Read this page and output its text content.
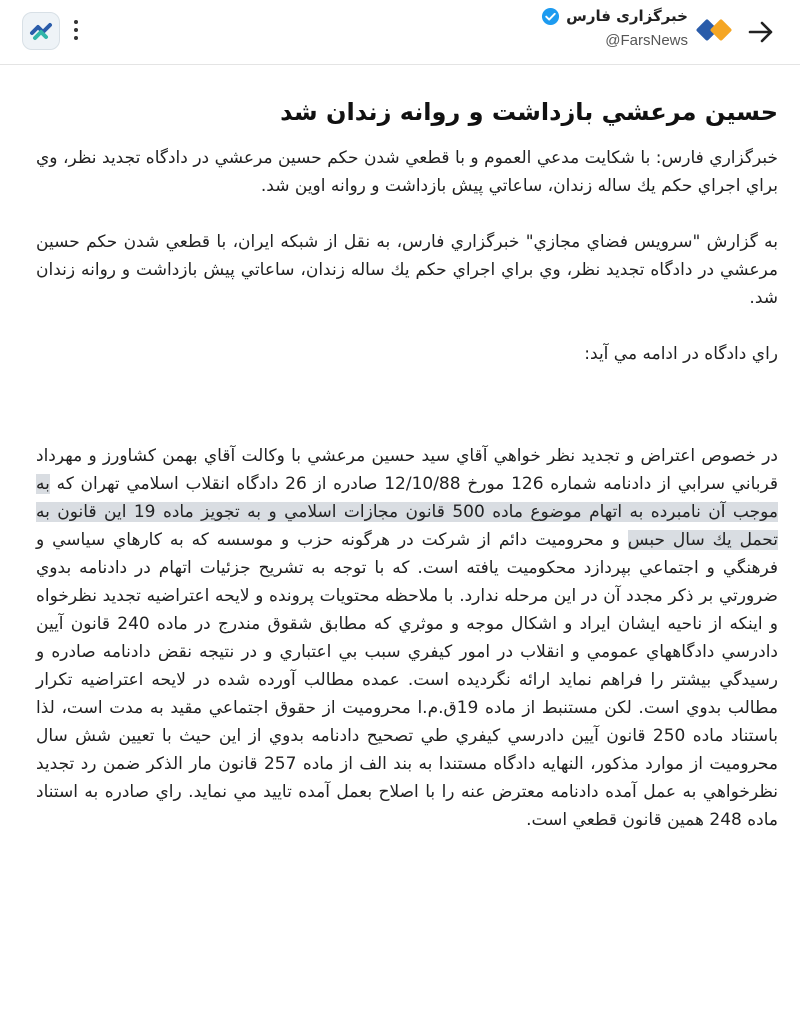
خبرگزاری فارس
@FarsNews
حسين مرعشي بازداشت و روانه زندان شد

خبرگزاري فارس: با شكايت مدعي العموم و با قطعي شدن حكم حسين مرعشي در دادگاه تجديد نظر، وي براي اجراي حكم يك ساله زندان، ساعاتي پيش بازداشت و روانه اوين شد.

به گزارش "سرويس فضاي مجازي" خبرگزاري فارس، به نقل از شبكه ايران، با قطعي شدن حكم حسين مرعشي در دادگاه تجديد نظر، وي براي اجراي حكم يك ساله زندان، ساعاتي پيش بازداشت و روانه زندان شد.

راي دادگاه در ادامه مي آيد:

در خصوص اعتراض و تجديد نظر خواهي آقاي سيد حسين مرعشي با وكالت آقاي بهمن كشاورز و مهرداد قرباني سرابي از دادنامه شماره 126 مورخ 12/10/88 صادره از 26 دادگاه انقلاب اسلامي تهران كه به موجب آن نامبرده به اتهام موضوع ماده 500 قانون مجازات اسلامي و به تجويز ماده 19 اين قانون به تحمل يك سال حبس و محروميت دائم از شركت در هرگونه حزب و موسسه كه به كارهاي سياسي و فرهنگي و اجتماعي بپردازد محكوميت يافته است. كه با توجه به تشريح جزئيات اتهام در دادنامه بدوي ضرورتي بر ذكر مجدد آن در اين مرحله ندارد. با ملاحظه محتويات پرونده و لايحه اعتراضيه تجديد نظرخواه و اينكه از ناحيه ايشان ايراد و اشكال موجه و موثري كه مطابق شقوق مندرج در ماده 240 قانون آيين دادرسي دادگاههاي عمومي و انقلاب در امور كيفري سبب بي اعتباري و در نتيجه نقض دادنامه صادره و رسيدگي بيشتر را فراهم نمايد ارائه نگرديده است. عمده مطالب آورده شده در لايحه اعتراضيه تكرار مطالب بدوي است. لكن مستنبط از ماده 19ق.م.ا محروميت از حقوق اجتماعي مقيد به مدت است، لذا باستناد ماده 250 قانون آيين دادرسي كيفري طي تصحيح دادنامه بدوي از اين حيث با تعيين شش سال محروميت از موارد مذكور، النهايه دادگاه مستندا به بند الف از ماده 257 قانون مار الذكر ضمن رد تجديد نظرخواهي به عمل آمده دادنامه معترض عنه را با اصلاح بعمل آمده تاييد مي نمايد. راي صادره به استناد ماده 248 همين قانون قطعي است.
